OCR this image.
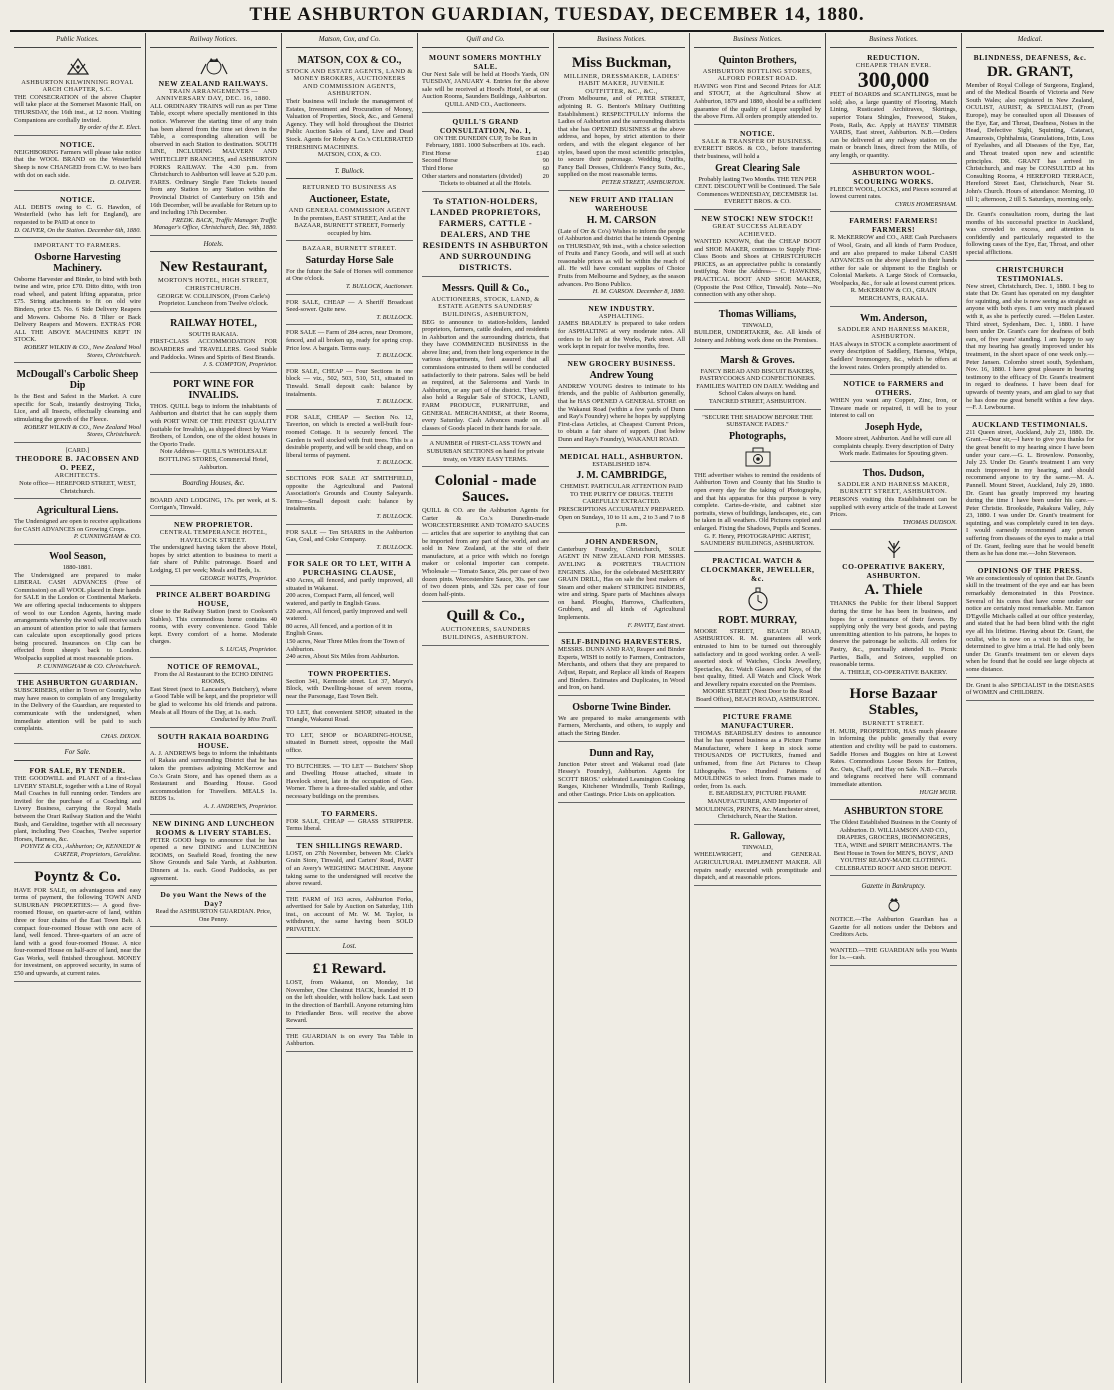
THE ASHBURTON GUARDIAN, TUESDAY, DECEMBER 14, 1880.
Public Notices.
ASHBURTON KILWINNING ROYAL ARCH CHAPTER, S.C.
THE CONSECRATION of the above Chapter will take place at the Somerset Masonic Hall, on THURSDAY, the 16th inst., at 12 noon. Visiting Companions are cordially invited.
By order of the E. Elect.
NOTICE.
NEIGHBORING Farmers will please take notice that the WOOL BRAND on the Westerfield Sheep is now CHANGED from C.W. to two bars with dot on each side.
D. OLIVER.
NOTICE.
ALL DEBTS owing to C. G. Hawdon, of Westerfield (who has left for England), are requested to be PAID at once to
D. OLIVER, On the Station. December 6th, 1880.
IMPORTANT TO FARMERS.
Osborne Harvesting Machinery.
Osborne Harvester and Binder, to bind with both twine and wire, price £70. Ditto ditto, with iron road wheel, and patent lifting apparatus, price £75. String attachments to fit on old wire Binders, price £5. No. 6 Side Delivery Reapers and Mowers. Osborne No. 8 Tilter or Back Delivery Reapers and Mowers. EXTRAS FOR ALL THE ABOVE MACHINES KEPT IN STOCK.
ROBERT WILKIN & CO., New Zealand Wool Stores, Christchurch.
McDougall's Carbolic Sheep Dip
Is the Best and Safest in the Market. A cure specific for Scab, instantly destroying Ticks, Lice, and all Insects, effectually cleansing and stimulating the growth of the Fleece.
ROBERT WILKIN & CO., New Zealand Wool Stores, Christchurch.
[CARD.]
THEODORE B. JACOBSEN AND O. PEEZ,
ARCHITECTS.
Note office— HEREFORD STREET, WEST, Christchurch.
Agricultural Liens.
The Undersigned are open to receive applications for CASH ADVANCES on Growing Crops.
P. CUNNINGHAM & CO.
Wool Season,
1880-1881.
The Undersigned are prepared to make LIBERAL CASH ADVANCES (Free of Commission) on all WOOL placed in their hands for SALE in the London or Continental Markets. We are offering special inducements to shippers of wool to our London Agents, having made arrangements whereby the wool will receive such an amount of attention prior to sale that farmers can calculate upon exceptionally good prices being procured. Insurances on Clip can be effected from sheep's back to London. Woolpacks supplied at most reasonable prices.
P. CUNNINGHAM & CO. Christchurch.
THE ASHBURTON GUARDIAN.
SUBSCRIBERS, either in Town or Country, who may have reason to complain of any Irregularity in the Delivery of the Guardian, are requested to communicate with the undersigned, when immediate attention will be paid to such complaints.
CHAS. DIXON.
For Sale.
FOR SALE, BY TENDER.
THE GOODWILL and PLANT of a first-class LIVERY STABLE, together with a Line of Royal Mail Coaches in full running order. Tenders are invited for the purchase of a Coaching and Livery Business, carrying the Royal Mails between the Orari Railway Station and the Waihi Bush, and Geraldine, together with all necessary plant, including Two Coaches, Twelve superior Horses, Harness, &c.
POYNTZ & CO., Ashburton; Or, KENNEDY & CARTER, Proprietors, Geraldine.
Poyntz & Co.
HAVE FOR SALE, on advantageous and easy terms of payment, the following TOWN AND SUBURBAN PROPERTIES:— A good five-roomed House, on quarter-acre of land, within three or four chains of the East Town Belt. A compact four-roomed House with one acre of land, well fenced. Three-quarters of an acre of land with a good four-roomed House. A nice four-roomed House on half-acre of land, near the Gas Works, well finished throughout. MONEY for investment, on approved security, in sums of £50 and upwards, at current rates.
Railway Notices.
NEW ZEALAND RAILWAYS.
TRAIN ARRANGEMENTS — ANNIVERSARY DAY, DEC. 16, 1880.
ALL ORDINARY TRAINS will run as per Time Table, except where specially mentioned in this notice. Wherever the starting time of any train has been altered from the time set down in the Table, a corresponding alteration will be observed in each Station to destination. SOUTH LINE, INCLUDING MALVERN AND WHITECLIFF BRANCHES, and ASHBURTON FORKS RAILWAY. The 4.30 p.m. from Christchurch to Ashburton will leave at 5.20 p.m. FARES. Ordinary Single Fare Tickets issued from any Station to any Station within the Provincial District of Canterbury on 15th and 16th December, will be available for Return up to and including 17th December.
FREDK. BACK, Traffic Manager. Traffic Manager's Office, Christchurch, Dec. 9th, 1880.
Hotels.
New Restaurant,
MORTON'S HOTEL, HIGH STREET, CHRISTCHURCH.
GEORGE W. COLLINSON, (From Carle's) Proprietor. Luncheon from Twelve o'clock.
RAILWAY HOTEL,
SOUTH RAKAIA.
FIRST-CLASS ACCOMMODATION FOR BOARDERS and TRAVELLERS. Good Stable and Paddocks. Wines and Spirits of Best Brands.
J. S. COMPTON, Proprietor.
PORT WINE FOR INVALIDS.
THOS. QUILL begs to inform the inhabitants of Ashburton and district that he can supply them with PORT WINE OF THE FINEST QUALITY (suitable for Invalids), as shipped direct by Warre Brothers, of London, one of the oldest houses in the Oporto Trade.
Note Address— QUILL'S WHOLESALE BOTTLING STORES, Commercial Hotel, Ashburton.
Boarding Houses, &c.
BOARD AND LODGING, 17s. per week, at S. Corrigan's, Tinwald.
NEW PROPRIETOR.
CENTRAL TEMPERANCE HOTEL, HAVELOCK STREET.
The undersigned having taken the above Hotel, hopes by strict attention to business to merit a fair share of Public patronage. Board and Lodging, £1 per week; Meals and Beds, 1s.
GEORGE WATTS, Proprietor.
PRINCE ALBERT BOARDING HOUSE,
close to the Railway Station (next to Cookson's Stables). This commodious home contains 40 rooms, with every convenience. Good Table kept. Every comfort of a home. Moderate charges.
S. LUCAS, Proprietor.
NOTICE OF REMOVAL,
From the Al Restaurant to the ECHO DINING ROOMS,
East Street (next to Lancaster's Butchery), where a Good Table will be kept, and the proprietor will be glad to welcome his old friends and patrons. Meals at all Hours of the Day, at 1s. each.
Conducted by Miss Traill.
SOUTH RAKAIA BOARDING HOUSE.
A. J. ANDREWS begs to inform the inhabitants of Rakaia and surrounding District that he has taken the premises adjoining McKerrow and Co.'s Grain Store, and has opened them as a Restaurant and Boarding House. Good accommodation for Travellers. MEALS 1s. BEDS 1s.
A. J. ANDREWS, Proprietor.
NEW DINING AND LUNCHEON ROOMS & LIVERY STABLES.
PETER GOOD begs to announce that he has opened a new DINING and LUNCHEON ROOMS, on Seafield Road, fronting the new Show Grounds and Sale Yards, at Ashburton. Dinners at 1s. each. Good Paddocks, as per agreement.
Do you Want the News of the Day?
Read the ASHBURTON GUARDIAN. Price, One Penny.
Matson, Cox, and Co.
MATSON, COX & CO.,
STOCK AND ESTATE AGENTS, LAND & MONEY BROKERS, AUCTIONEERS AND COMMISSION AGENTS, ASHBURTON.
Their business will include the management of Estates, Investment and Procuration of Money, Valuation of Properties, Stock, &c., and General Agency. They will hold throughout the District Public Auction Sales of Land, Live and Dead Stock. Agents for Robey & Co.'s CELEBRATED THRESHING MACHINES.
MATSON, COX, & CO.
T. Bullock.
RETURNED TO BUSINESS AS
Auctioneer, Estate,
AND GENERAL COMMISSION AGENT
In the premises, EAST STREET, And at the BAZAAR, BURNETT STREET, Formerly occupied by him.
BAZAAR, BURNETT STREET.
Saturday Horse Sale
For the future the Sale of Horses will commence at One o'clock.
T. BULLOCK, Auctioneer.
FOR SALE, CHEAP — A Sheriff Broadcast Seed-sower. Quite new.
T. BULLOCK.
FOR SALE — Farm of 284 acres, near Dromore, fenced, and all broken up, ready for spring crop. Price low. A bargain. Terms easy.
T. BULLOCK.
FOR SALE, CHEAP — Four Sections in one block — viz., 502, 503, 510, 511, situated in Tinwald. Small deposit cash: balance by instalments.
T. BULLOCK.
FOR SALE, CHEAP — Section No. 12, Taverton, on which is erected a well-built four-roomed Cottage. It is securely fenced. The Garden is well stocked with fruit trees. This is a desirable property, and will be sold cheap, and on liberal terms of payment.
T. BULLOCK.
SECTIONS FOR SALE AT SMITHFIELD, opposite the Agricultural and Pastoral Association's Grounds and County Saleyards. Terms—Small deposit cash: balance by instalments.
T. BULLOCK.
FOR SALE — Ten SHARES in the Ashburton Gas, Coal, and Coke Company.
T. BULLOCK.
FOR SALE OR TO LET, WITH A PURCHASING CLAUSE,
430 Acres, all fenced, and partly improved, all situated in Wakanui.
200 acres, Compact Farm, all fenced, well watered, and partly in English Grass.
220 acres, All fenced, partly improved and well watered.
80 acres, All fenced, and a portion of it in English Grass.
150 acres, Near Three Miles from the Town of Ashburton.
240 acres, About Six Miles from Ashburton.
TOWN PROPERTIES.
Section 341, Kermode street. Lot 37, Maryo's Block, with Dwelling-house of seven rooms, near the Parsonage, East Town Belt.
TO LET, that convenient SHOP, situated in the Triangle, Wakanui Road.
TO LET, SHOP or BOARDING-HOUSE, situated in Burnett street, opposite the Mail office.
TO BUTCHERS. — TO LET — Butchers' Shop and Dwelling House attached, situate in Havelock street, late in the occupation of Geo. Worner. There is a three-stalled stable, and other necessary buildings on the premises.
TO FARMERS.
FOR SALE, CHEAP — GRASS STRIPPER. Terms liberal.
TEN SHILLINGS REWARD.
LOST, on 27th November, between Mr. Clark's Grain Store, Tinwald, and Carters' Road, PART of an Avery's WEIGHING MACHINE. Anyone taking same to the undersigned will receive the above reward.
THE FARM of 163 acres, Ashburton Forks, advertised for Sale by Auction on Saturday, 11th inst., on account of Mr. W. M. Taylor, is withdrawn, the same having been SOLD PRIVATELY.
Lost.
£1 Reward.
LOST, from Wakanui, on Monday, 1st November, One Chestnut HACK, branded H D on the left shoulder, with hollow back. Last seen in the direction of Barrhill. Anyone returning him to Friedlander Bros. will receive the above Reward.
THE GUARDIAN is on every Tea Table in Ashburton.
Quill and Co.
MOUNT SOMERS MONTHLY SALE.
Our Next Sale will be held at Hood's Yards, ON TUESDAY, JANUARY 4. Entries for the above sale will be received at Hood's Hotel, or at our Auction Rooms, Saunders Buildings, Ashburton.
QUILL AND CO., Auctioneers.
QUILL'S GRAND CONSULTATION, No. 1,
ON THE DUNEDIN CUP, To be Run in February, 1881. 1000 Subscribers at 10s. each.
First Horse	£140
Second Horse	90
Third Horse	60
Other starters and nonstarters (divided)	20
Tickets to obtained at all the Hotels.
To STATION-HOLDERS, LANDED PROPRIETORS, FARMERS, CATTLE - DEALERS, AND THE RESIDENTS IN ASHBURTON AND SURROUNDING DISTRICTS.
Messrs. Quill & Co.,
AUCTIONEERS, STOCK, LAND, & ESTATE AGENTS SAUNDERS' BUILDINGS, ASHBURTON,
BEG to announce to station-holders, landed proprietors, farmers, cattle dealers, and residents in Ashburton and the surrounding districts, that they have COMMENCED BUSINESS in the above line; and, from their long experience in the various departments, feel assured that all commissions entrusted to them will be conducted satisfactorily to their patrons. Sales will be held as required, at the Salerooms and Yards in Ashburton, or any part of the district. They will also hold a Regular Sale of STOCK, LAND, FARM PRODUCE, FURNITURE, and GENERAL MERCHANDISE, at their Rooms, every Saturday. Cash Advances made on all classes of Goods placed in their hands for sale.
A NUMBER of FIRST-CLASS TOWN and SUBURBAN SECTIONS on hand for private treaty, on VERY EASY TERMS.
Colonial - made Sauces.
QUILL & CO. are the Ashburton Agents for Carter & Co.'s Dunedin-made WORCESTERSHIRE AND TOMATO SAUCES — articles that are superior to anything that can be imported from any part of the world, and are sold in New Zealand, at the site of their manufacture, at a price with which no foreign maker or colonial importer can compete. Wholesale — Tomato Sauce, 26s. per case of two dozen pints. Worcestershire Sauce, 30s. per case of two dozen pints, and 32s. per case of four dozen half-pints.
Quill & Co.,
AUCTIONEERS, SAUNDERS BUILDINGS, ASHBURTON.
Business Notices.
Miss Buckman,
MILLINER, DRESSMAKER, LADIES' HABIT MAKER, JUVENILE OUTFITTER, &C., &C.,
(From Melbourne, and of PETER STREET, adjoining R. G. Benton's Military Outfitting Establishment.) RESPECTFULLY informs the Ladies of Ashburton and the surrounding districts that she has OPENED BUSINESS at the above address, and hopes, by strict attention to their orders, and with the elegant elegance of her styles, based upon the most scientific principles, to secure their patronage. Wedding Outfits, Fancy Ball Dresses, Children's Fancy Suits, &c., supplied on the most reasonable terms.
PETER STREET, ASHBURTON.
NEW FRUIT AND ITALIAN WAREHOUSE
H. M. CARSON
(Late of Orr & Co's) Wishes to inform the people of Ashburton and district that he intends Opening on THURSDAY, 9th inst., with a choice selection of Fruits and Fancy Goods, and will sell at such reasonable prices as will be within the reach of all. He will have constant supplies of Choice Fruits from Melbourne and Sydney, as the season advances. Pro Bono Publico.
H. M. CARSON. December 8, 1880.
NEW INDUSTRY.
ASPHALTING.
JAMES BRADLEY is prepared to take orders for ASPHALTING at very moderate rates. All orders to be left at the Works, Park street. All work kept in repair for twelve months, free.
NEW GROCERY BUSINESS.
Andrew Young
ANDREW YOUNG desires to intimate to his friends, and the public of Ashburton generally, that he HAS OPENED A GENERAL STORE on the Wakanui Road (within a few yards of Dunn and Ray's Foundry) where he hopes by supplying First-class Articles, at Cheapest Current Prices, to obtain a fair share of support. (Just below Dunn and Ray's Foundry), WAKANUI ROAD.
MEDICAL HALL, ASHBURTON.
ESTABLISHED 1874.
J. M. CAMBRIDGE,
CHEMIST. PARTICULAR ATTENTION PAID TO THE PURITY OF DRUGS. TEETH CAREFULLY EXTRACTED. PRESCRIPTIONS ACCURATELY PREPARED. Open on Sundays, 10 to 11 a.m., 2 to 3 and 7 to 8 p.m.
JOHN ANDERSON,
Canterbury Foundry, Christchurch, SOLE AGENT IN NEW ZEALAND FOR MESSRS. AVELING & PORTER'S TRACTION ENGINES. Also, for the celebrated McSHERRY GRAIN DRILL, Has on sale the best makers of Steam and other makers' STRIKING BINDERS, wire and string. Spare parts of Machines always on hand. Ploughs, Harrows, Chaffcutters, Grubbers, and all kinds of Agricultural Implements.
F. PAVITT, East street.
SELF-BINDING HARVESTERS.
MESSRS. DUNN AND RAY, Reaper and Binder Experts, WISH to notify to Farmers, Contractors, Merchants, and others that they are prepared to Adjust, Repair, and Replace all kinds of Reapers and Binders. Estimates and Duplicates, in Wood and Iron, on hand.
Osborne Twine Binder.
We are prepared to make arrangements with Farmers, Merchants, and others, to supply and attach the String Binder.
Dunn and Ray,
Junction Peter street and Wakanui road (late Hessey's Foundry), Ashburton. Agents for SCOTT BROS.' celebrated Leamington Cooking Ranges, Kitchener Windmills, Tomb Railings, and other Castings. Price Lists on application.
Business Notices.
Quinton Brothers,
ASHBURTON BOTTLING STORES, ALFORD FOREST ROAD.
HAVING won First and Second Prizes for ALE and STOUT, at the Agricultural Show at Ashburton, 1879 and 1880, should be a sufficient guarantee of the quality of Liquor supplied by the above Firm. All orders promptly attended to.
NOTICE.
SALE & TRANSFER OF BUSINESS.
EVERETT BROS. & CO., before transferring their business, will hold a
Great Clearing Sale
Probably lasting Two Months. THE TEN PER CENT. DISCOUNT Will be Continued. The Sale Commences WEDNESDAY, DECEMBER 1st.
EVERETT BROS. & CO.
NEW STOCK! NEW STOCK!!
GREAT SUCCESS ALREADY ACHIEVED.
WANTED KNOWN, that the CHEAP BOOT and SHOE MAKER, continues to Supply First-Class Boots and Shoes at CHRISTCHURCH PRICES, as an appreciative public is constantly testifying. Note the Address— C. HAWKINS, PRACTICAL BOOT AND SHOE MAKER, (Opposite the Post Office, Tinwald). Note—No connection with any other shop.
Thomas Williams,
TINWALD,
BUILDER, UNDERTAKER, &c. All kinds of Joinery and Jobbing work done on the Premises.
Marsh & Groves.
FANCY BREAD AND BISCUIT BAKERS, PASTRYCOOKS AND CONFECTIONERS. FAMILIES WAITED ON DAILY. Wedding and School Cakes always on hand.
TANCRED STREET, ASHBURTON.
"SECURE THE SHADOW BEFORE THE SUBSTANCE FADES."
Photographs,
THE advertiser wishes to remind the residents of Ashburton Town and County that his Studio is open every day for the taking of Photographs, and that his apparatus for this purpose is very complete. Cartes-de-visite, and cabinet size portraits, views of buildings, landscapes, etc., can be taken in all weathers. Old Pictures copied and enlarged. Fixing the Shadows, Pupils and Scenes.
G. F. Henry, PHOTOGRAPHIC ARTIST, SAUNDERS' BUILDINGS, ASHBURTON.
PRACTICAL WATCH & CLOCKMAKER, JEWELLER, &c.
ROBT. MURRAY,
MOORE STREET, BEACH ROAD, ASHBURTON. R. M. guarantees all work entrusted to him to be turned out thoroughly satisfactory and in good working order. A well-assorted stock of Watches, Clocks Jewellery, Spectacles, &c. Watch Glasses and Keys, of the best quality, fitted. All Watch and Clock Work and Jewellery repairs executed on the Premises.
MOORE STREET (Next Door to the Road Board Office), BEACH ROAD, ASHBURTON.
PICTURE FRAME MANUFACTURER.
THOMAS BEARDSLEY desires to announce that he has opened business as a Picture Frame Manufacturer, where I keep in stock some THOUSANDS OF PICTURES, framed and unframed, from fine Art Pictures to Cheap Lithographs. Two Hundred Patterns of MOULDINGS to select from. Frames made to order, from 1s. each.
E. BEARDSLEY, PICTURE FRAME MANUFACTURER, AND Importer of MOULDINGS, PRINTS, &c. Manchester street, Christchurch, Near the Station.
R. Galloway,
TINWALD,
WHEELWRIGHT, and GENERAL AGRICULTURAL IMPLEMENT MAKER. All repairs neatly executed with promptitude and dispatch, and at reasonable prices.
Business Notices.
REDUCTION.
CHEAPER THAN EVER.
300,000
FEET of BOARDS and SCANTLINGS, must be sold; also, a large quantity of Flooring, Match Lining, Rusticated Architraves, Skirtings, superior Totara Shingles, Freewood, Stakes, Posts, Rails, &c. Apply at HAYES' TIMBER YARDS, East street, Ashburton. N.B.—Orders can be delivered at any railway station on the main or branch lines, direct from the Mills, of any length, or quantity.
ASHBURTON WOOL-SCOURING WORKS.
FLEECE WOOL, LOCKS, and Pieces scoured at lowest current rates.
CYRUS HOMERSHAM.
FARMERS! FARMERS! FARMERS!
R. McKERROW and CO., ARE Cash Purchasers of Wool, Grain, and all kinds of Farm Produce, and are also prepared to make Liberal CASH ADVANCES on the above placed in their hands either for sale or shipment to the English or Colonial Markets. A Large Stock of Cornsacks, Woolpacks, &c., for sale at lowest current prices.
R. McKERROW & CO., GRAIN MERCHANTS, RAKAIA.
Wm. Anderson,
SADDLER AND HARNESS MAKER, ASHBURTON.
HAS always in STOCK a complete assortment of every description of Saddlery, Harness, Whips, Saddlers' Ironmongery, &c., which he offers at the lowest rates. Orders promptly attended to.
NOTICE to FARMERS and OTHERS.
WHEN you want any Copper, Zinc, Iron, or Tinware made or repaired, it will be to your interest to call on
Joseph Hyde,
Moore street, Ashburton. And he will cure all complaints cheaply. Every description of Dairy Work made. Estimates for Spouting given.
Thos. Dudson,
SADDLER AND HARNESS MAKER, BURNETT STREET, ASHBURTON.
PERSONS visiting this Establishment can be supplied with every article of the trade at Lowest Prices.
THOMAS DUDSON.
CO-OPERATIVE BAKERY, ASHBURTON.
A. Thiele
THANKS the Public for their liberal Support during the time he has been in business, and hopes for a continuance of their favors. By supplying only the very best goods, and paying unremitting attention to his patrons, he hopes to deserve the patronage he solicits. All orders for Pastry, &c., punctually attended to. Picnic Parties, Balls, and Soirees, supplied on reasonable terms.
A. THIELE, CO-OPERATIVE BAKERY.
Horse Bazaar Stables,
BURNETT STREET.
H. MUIR, PROPRIETOR, HAS much pleasure in informing the public generally that every attention and civility will be paid to customers. Saddle Horses and Buggies on hire at Lowest Rates. Commodious Loose Boxes for Entires, &c. Oats, Chaff, and Hay on Sale. N.B.—Parcels and telegrams received here will command immediate attention.
HUGH MUIR.
ASHBURTON STORE
The Oldest Established Business in the County of Ashburton. D. WILLIAMSON AND CO., DRAPERS, GROCERS, IRONMONGERS, TEA, WINE and SPIRIT MERCHANTS. The Best House in Town for MEN'S, BOYS', AND YOUTHS' READY-MADE CLOTHING. CELEBRATED ROOT AND SHOE DEPOT.
Gazette in Bankruptcy.
NOTICE.—The Ashburton Guardian has a Gazette for all notices under the Debtors and Creditors Acts.
WANTED.—THE GUARDIAN tells you Wants for 1s.—cash.
Medical.
BLINDNESS, DEAFNESS, &c.
DR. GRANT,
Member of Royal College of Surgeons, England, and of the Medical Boards of Victoria and New South Wales; also registered in New Zealand, OCULIST, AURIST, & SPECIALIST, (From Europe), may be consulted upon all Diseases of the Eye, Ear, and Throat, Deafness, Noises in the Head, Defective Sight, Squinting, Cataract, Amaurosis, Ophthalmia, Granulations, Iritis, Loss of Eyelashes, and all Diseases of the Eye, Ear, and Throat treated upon new and scientific principles. DR. GRANT has arrived in Christchurch, and may be CONSULTED at his Consulting Rooms, 4 HEREFORD TERRACE, Hereford Street East, Christchurch, Near St. John's Church. Hours of attendance: Morning, 10 till 1; afternoon, 2 till 5. Saturdays, morning only.
Dr. Grant's consultation room, during the last months of his successful practice in Auckland, was crowded to excess, and attention is confidently and particularly requested to the following cases of the Eye, Ear, Throat, and other special afflictions.
CHRISTCHURCH TESTIMONIALS.
New street, Christchurch, Dec. 1, 1880. I beg to state that Dr. Grant has operated on my daughter for squinting, and she is now seeing as straight as anyone with both eyes. I am very much pleased with it, as she is perfectly cured. —Helen Lester. Third street, Sydenham, Dec. 1, 1880. I have been under Dr. Grant's care for deafness of both ears, of five years' standing. I am happy to say that my hearing has greatly improved under his treatment, in the short space of one week only.—Peter Jansen. Colombo street south, Sydenham, Nov. 16, 1880. I have great pleasure in bearing testimony to the efficacy of Dr. Grant's treatment in regard to deafness. I have been deaf for upwards of twenty years, and am glad to say that he has done me great benefit within a few days.—F. J. Lewbourne.
AUCKLAND TESTIMONIALS.
211 Queen street, Auckland, July 23, 1880. Dr. Grant.—Dear sir,—I have to give you thanks for the great benefit to my hearing since I have been under your care.—G. L. Brownlow. Ponsonby, July 23. Under Dr. Grant's treatment I am very much improved in my hearing, and should recommend anyone to try the same.—M. A. Pannell. Mount Street, Auckland, July 29, 1880. Dr. Grant has greatly improved my hearing during the time I have been under his care.—Peter Christie. Brookside, Pakakura Valley, July 23, 1880. I was under Dr. Grant's treatment for squinting, and was completely cured in ten days. I would earnestly recommend any person suffering from diseases of the eyes to make a trial of Dr. Grant, feeling sure that he would benefit them as he has done me.—John Stevenson.
OPINIONS OF THE PRESS.
We are conscientiously of opinion that Dr. Grant's skill in the treatment of the eye and ear has been remarkably demonstrated in this Province. Several of his cures that have come under our notice are certainly most remarkable. Mr. Eamon D'Egville Michaels called at our office yesterday, and stated that he had been blind with the right eye all his lifetime. Having about Dr. Grant, the oculist, who is now on a visit to this city, he determined to give him a trial. He had only been under Dr. Grant's treatment ten or eleven days when he found that he could see large objects at some distance.
Dr. Grant is also SPECIALIST in the DISEASES of WOMEN and CHILDREN.
